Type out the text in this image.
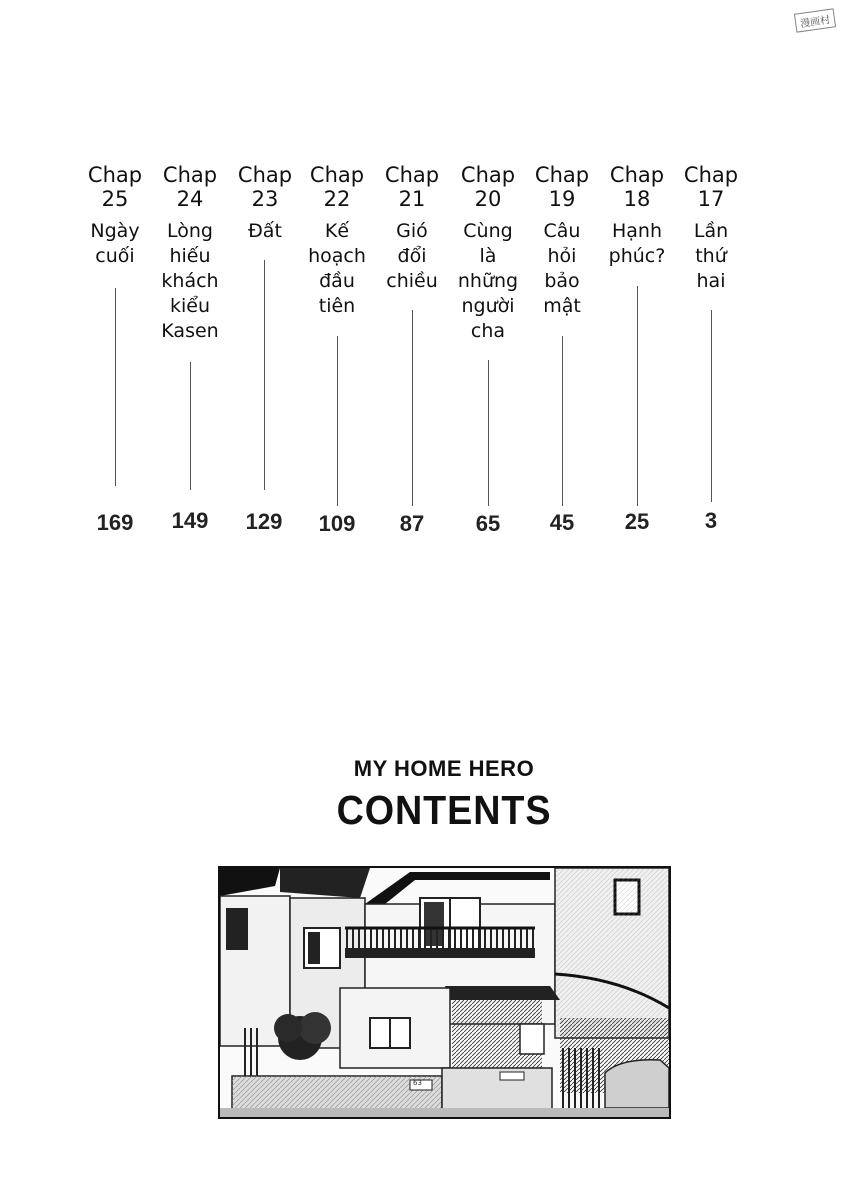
漫画村
Chap
25
Ngày
cuối
169
Chap
24
Lòng
hiếu
khách
kiểu
Kasen
149
Chap
23
Đất
129
Chap
22
Kế
hoạch
đầu
tiên
109
Chap
21
Gió
đổi
chiều
87
Chap
20
Cùng
là
những
người
cha
65
Chap
19
Câu
hỏi
bảo
mật
45
Chap
18
Hạnh
phúc?
25
Chap
17
Lần
thứ
hai
3
MY HOME HERO
CONTENTS
63
